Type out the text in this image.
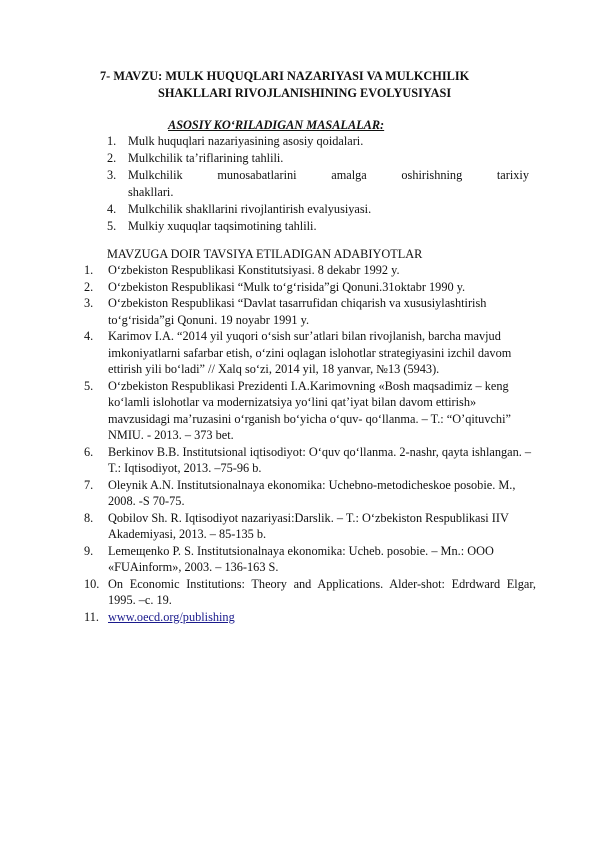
7- MAVZU: MULK HUQUQLARI NAZARIYASI VA MULKCHILIK
SHAKLLARI RIVOJLANISHINING EVOLYUSIYASI
ASOSIY KO‘RILADIGAN MASALALAR:
1. Mulk huquqlari nazariyasining asosiy qoidalari.
2. Mulkchilik ta’riflarining tahlili.
3. Mulkchilik munosabatlarini amalga oshirishning tarixiy
shakllari.
4. Mulkchilik shakllarini rivojlantirish evalyusiyasi.
5. Mulkiy xuquqlar taqsimotining tahlili.
MAVZUGA DOIR TAVSIYA ETILADIGAN ADABIYOTLAR
1. O‘zbekiston Respublikasi Konstitutsiyasi. 8 dekabr 1992 y.
2. O‘zbekiston Respublikasi “Mulk to‘g‘risida”gi Qonuni.31oktabr 1990 y.
3. O‘zbekiston Respublikasi “Davlat tasarrufidan chiqarish va xususiylashtirish to‘g‘risida”gi Qonuni. 19 noyabr 1991 y.
4. Karimov I.A. “2014 yil yuqori o‘sish sur’atlari bilan rivojlanish, barcha mavjud imkoniyatlarni safarbar etish, o‘zini oqlagan islohotlar strategiyasini izchil davom ettirish yili bo‘ladi” // Xalq so‘zi, 2014 yil, 18 yanvar, №13 (5943).
5. O‘zbekiston Respublikasi Prezidenti I.A.Karimovning «Bosh maqsadimiz – keng ko‘lamli islohotlar va modernizatsiya yo‘lini qat’iyat bilan davom ettirish» mavzusidagi ma’ruzasini o‘rganish bo‘yicha o‘quv- qo‘llanma. – T.: “O’qituvchi” NMIU. - 2013. – 373 bet.
6. Berkinov B.B. Institutsional iqtisodiyot: O‘quv qo‘llanma. 2-nashr, qayta ishlangan. – T.: Iqtisodiyot, 2013. –75-96 b.
7. Oleynik A.N. Institutsionalnaya ekonomika: Uchebno-metodicheskoe posobie. M., 2008. -S 70-75.
8. Qobilov Sh. R. Iqtisodiyot nazariyasi:Darslik. – T.: O‘zbekiston Respublikasi IIV Akademiyasi, 2013. – 85-135 b.
9. Lemeщenko P. S. Institutsionalnaya ekonomika: Ucheb. posobie. – Mn.: OOO «FUAinform», 2003. – 136-163 S.
10. On Economic Institutions: Theory and Applications. Alder-shot: Edrdward Elgar, 1995. –c. 19.
11. www.oecd.org/publishing
